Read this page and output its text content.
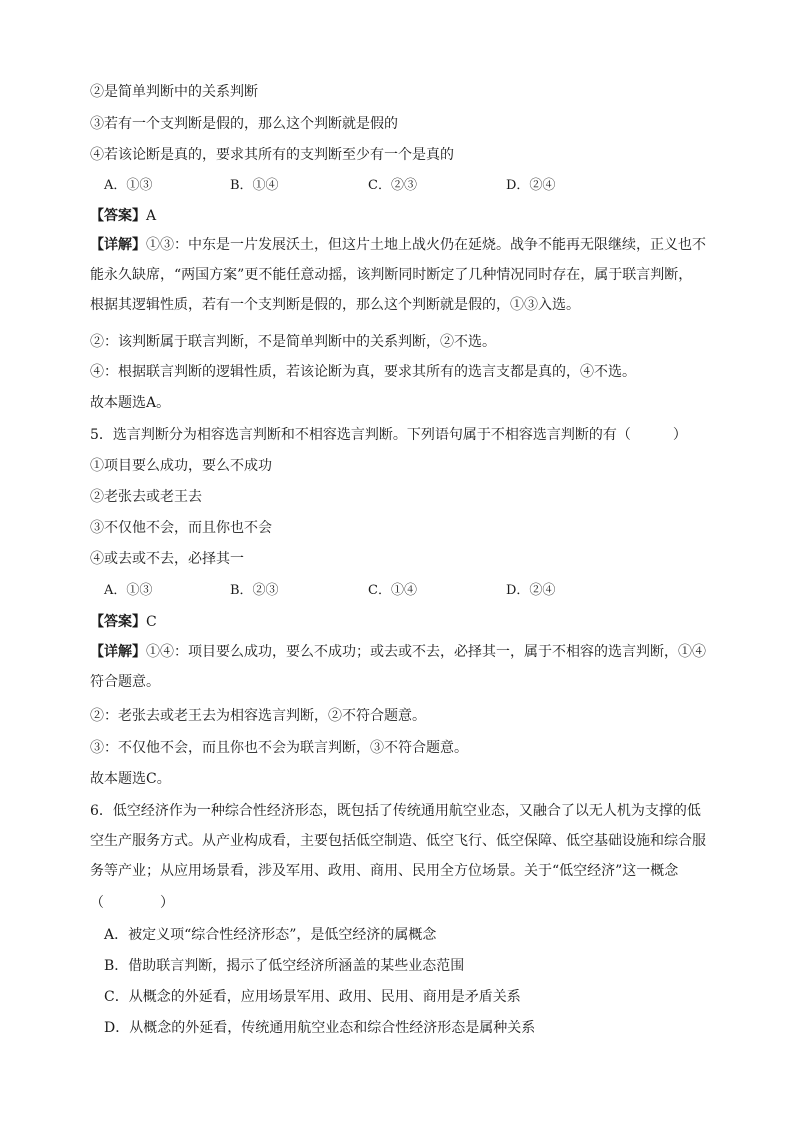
②是简单判断中的关系判断
③若有一个支判断是假的，那么这个判断就是假的
④若该论断是真的，要求其所有的支判断至少有一个是真的
A．①③	B．①④	C．②③	D．②④
【答案】A
【详解】①③：中东是一片发展沃土，但这片土地上战火仍在延烧。战争不能再无限继续，正义也不能永久缺席，“两国方案”更不能任意动摇，该判断同时断定了几种情况同时存在，属于联言判断，根据其逻辑性质，若有一个支判断是假的，那么这个判断就是假的，①③入选。
②：该判断属于联言判断，不是简单判断中的关系判断，②不选。
④：根据联言判断的逻辑性质，若该论断为真，要求其所有的选言支都是真的，④不选。
故本题选A。
5．选言判断分为相容选言判断和不相容选言判断。下列语句属于不相容选言判断的有（　　　）
①项目要么成功，要么不成功
②老张去或老王去
③不仅他不会，而且你也不会
④或去或不去，必择其一
A．①③	B．②③	C．①④	D．②④
【答案】C
【详解】①④：项目要么成功，要么不成功；或去或不去，必择其一，属于不相容的选言判断，①④符合题意。
②：老张去或老王去为相容选言判断，②不符合题意。
③：不仅他不会，而且你也不会为联言判断，③不符合题意。
故本题选C。
6．低空经济作为一种综合性经济形态，既包括了传统通用航空业态，又融合了以无人机为支撑的低空生产服务方式。从产业构成看，主要包括低空制造、低空飞行、低空保障、低空基础设施和综合服务等产业；从应用场景看，涉及军用、政用、商用、民用全方位场景。关于“低空经济”这一概念
（　　　　）
A．被定义项“综合性经济形态”，是低空经济的属概念
B．借助联言判断，揭示了低空经济所涵盖的某些业态范围
C．从概念的外延看，应用场景军用、政用、民用、商用是矛盾关系
D．从概念的外延看，传统通用航空业态和综合性经济形态是属种关系
